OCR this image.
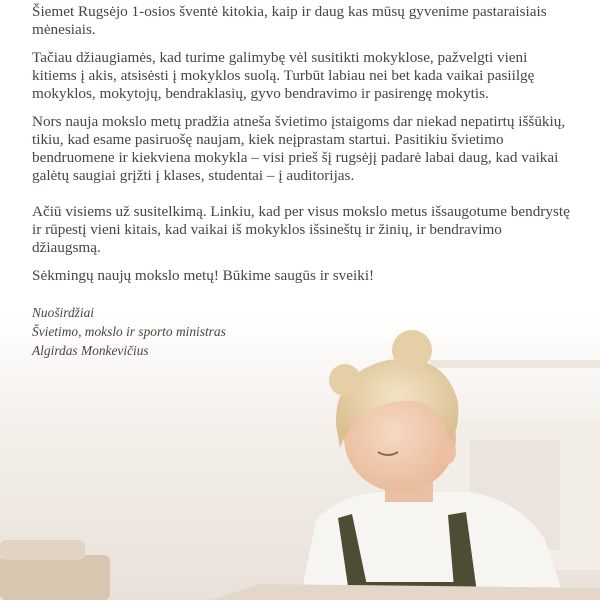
Šiemet Rugsėjo 1-osios šventė kitokia, kaip ir daug kas mūsų gyvenime pastaraisiais mėnesiais.

Tačiau džiaugiamės, kad turime galimybę vėl susitikti mokyklose, pažvelgti vieni kitiems į akis, atsisėsti į mokyklos suolą. Turbūt labiau nei bet kada vaikai pasiilgę mokyklos, mokytojų, bendraklasių, gyvo bendravimo ir pasirengę mokytis.

Nors nauja mokslo metų pradžia atneša švietimo įstaigoms dar niekad nepatirtų iššūkių, tikiu, kad esame pasiruošę naujam, kiek neįprastam startui. Pasitikiu švietimo bendruomene ir kiekviena mokykla – visi prieš šį rugsėjį padarė labai daug, kad vaikai galėtų saugiai grįžti į klases, studentai – į auditorijas.

Ačiū visiems už susitelkimą. Linkiu, kad per visus mokslo metus išsaugotume bendrystę ir rūpestį vieni kitais, kad vaikai iš mokyklos išsineštų ir žinių, ir bendravimo džiaugsmą.

Sėkmingų naujų mokslo metų! Būkime saugūs ir sveiki!

Nuoširdžiai
Švietimo, mokslo ir sporto ministras
Algirdas Monkevičius
